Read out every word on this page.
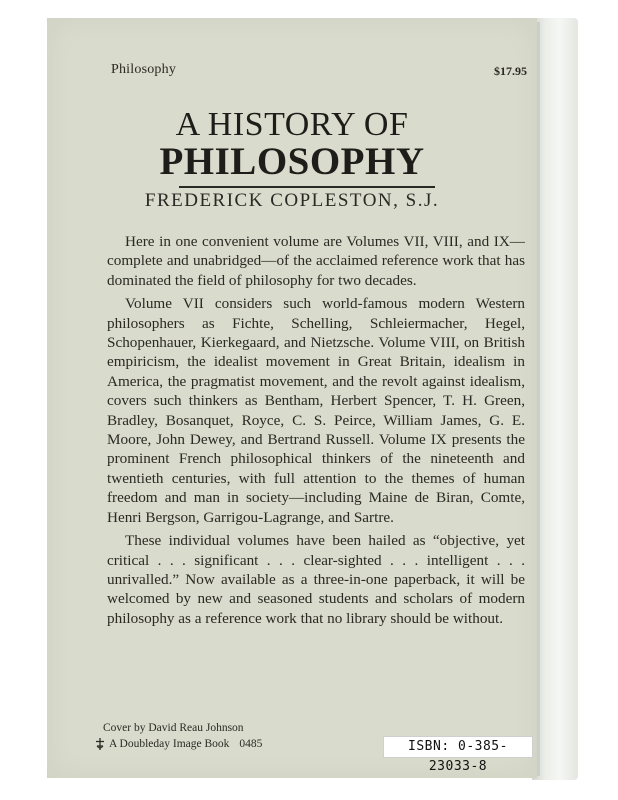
Philosophy	$17.95
A HISTORY OF
PHILOSOPHY
FREDERICK COPLESTON, S.J.

Here in one convenient volume are Volumes VII, VIII, and IX—complete and unabridged—of the acclaimed reference work that has dominated the field of philosophy for two decades.

Volume VII considers such world-famous modern Western philosophers as Fichte, Schelling, Schleiermacher, Hegel, Schopenhauer, Kierkegaard, and Nietzsche. Volume VIII, on British empiricism, the idealist movement in Great Britain, idealism in America, the pragmatist movement, and the revolt against idealism, covers such thinkers as Bentham, Herbert Spencer, T. H. Green, Bradley, Bosanquet, Royce, C. S. Peirce, William James, G. E. Moore, John Dewey, and Bertrand Russell. Volume IX presents the prominent French philosophical thinkers of the nineteenth and twentieth centuries, with full attention to the themes of human freedom and man in society—including Maine de Biran, Comte, Henri Bergson, Garrigou-Lagrange, and Sartre.

These individual volumes have been hailed as “objective, yet critical . . . significant . . . clear-sighted . . . intelligent . . . unrivalled.” Now available as a three-in-one paperback, it will be welcomed by new and seasoned students and scholars of modern philosophy as a reference work that no library should be without.

Cover by David Reau Johnson
A Doubleday Image Book 0485	ISBN: 0-385-23033-8
